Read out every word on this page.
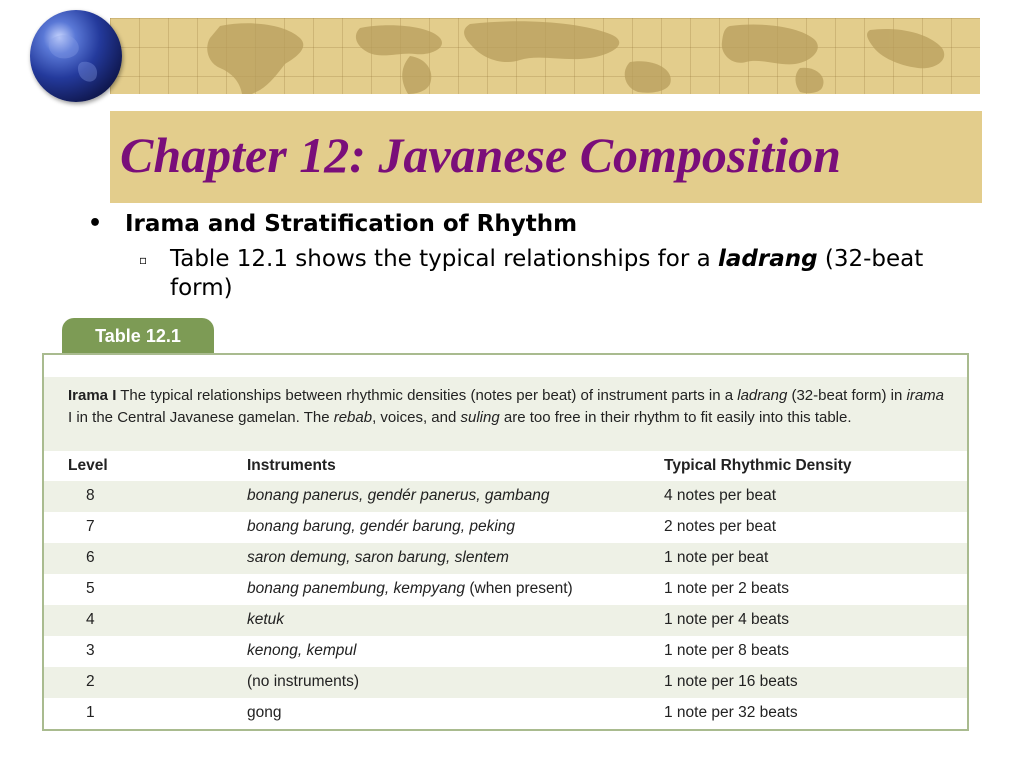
Chapter 12: Javanese Composition
• Irama and Stratification of Rhythm
▫ Table 12.1 shows the typical relationships for a ladrang (32-beat form)
Table 12.1
Irama I The typical relationships between rhythmic densities (notes per beat) of instrument parts in a ladrang (32-beat form) in irama I in the Central Javanese gamelan. The rebab, voices, and suling are too free in their rhythm to fit easily into this table.
Level	Instruments	Typical Rhythmic Density
8	bonang panerus, gendér panerus, gambang	4 notes per beat
7	bonang barung, gendér barung, peking	2 notes per beat
6	saron demung, saron barung, slentem	1 note per beat
5	bonang panembung, kempyang (when present)	1 note per 2 beats
4	ketuk	1 note per 4 beats
3	kenong, kempul	1 note per 8 beats
2	(no instruments)	1 note per 16 beats
1	gong	1 note per 32 beats
